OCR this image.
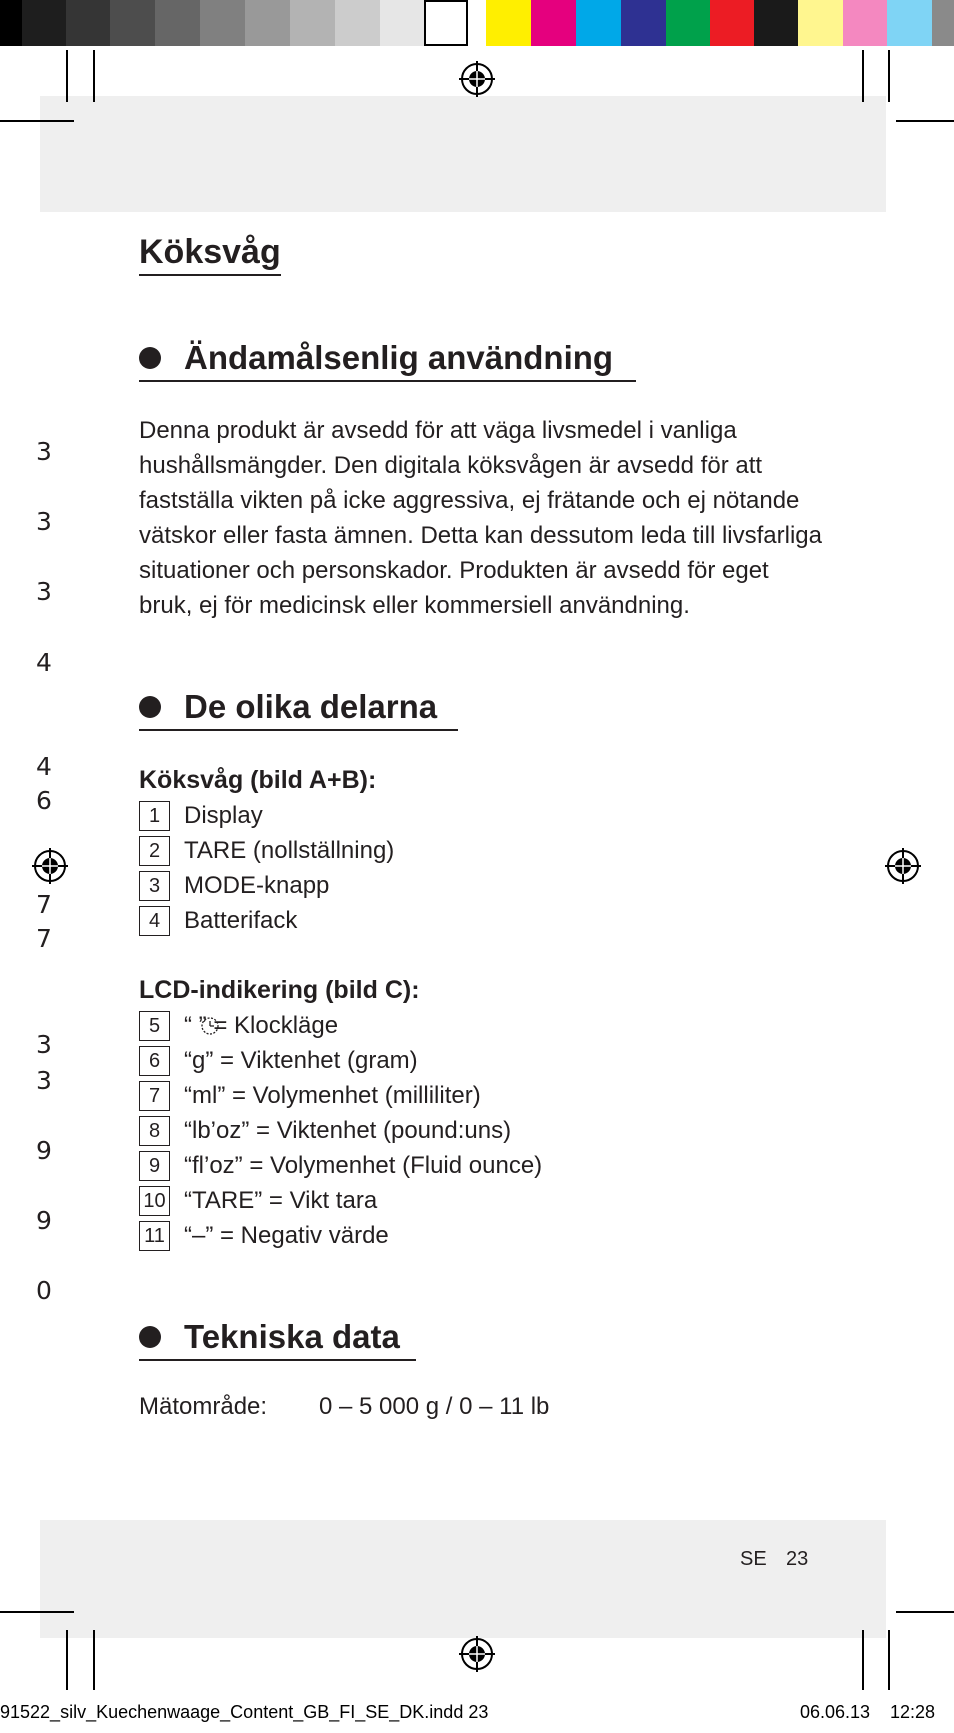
3
3
3
4
4
6
7
7
3
3
9
9
0
Köksvåg
Ändamålsenlig användning

Denna produkt är avsedd för att väga livsmedel i vanliga
hushållsmängder. Den digitala köksvågen är avsedd för att
fastställa vikten på icke aggressiva, ej frätande och ej nötande
vätskor eller fasta ämnen. Detta kan dessutom leda till livsfarliga
situationer och personskador. Produkten är avsedd för eget
bruk, ej för medicinsk eller kommersiell användning.

De olika delarna
Köksvåg (bild A+B):
1 Display
2 TARE (nollställning)
3 MODE-knapp
4 Batterifack
LCD-indikering (bild C):
5 “ ” = Klockläge
6 “g” = Viktenhet (gram)
7 “ml” = Volymenhet (milliliter)
8 “lb’oz” = Viktenhet (pound:uns)
9 “fl’oz” = Volymenhet (Fluid ounce)
10 “TARE” = Vikt tara
11 “–” = Negativ värde
Tekniska data
Mätområde:	0 – 5 000 g / 0 – 11 lb
SE 23
91522_silv_Kuechenwaage_Content_GB_FI_SE_DK.indd 23	06.06.13 12:28
